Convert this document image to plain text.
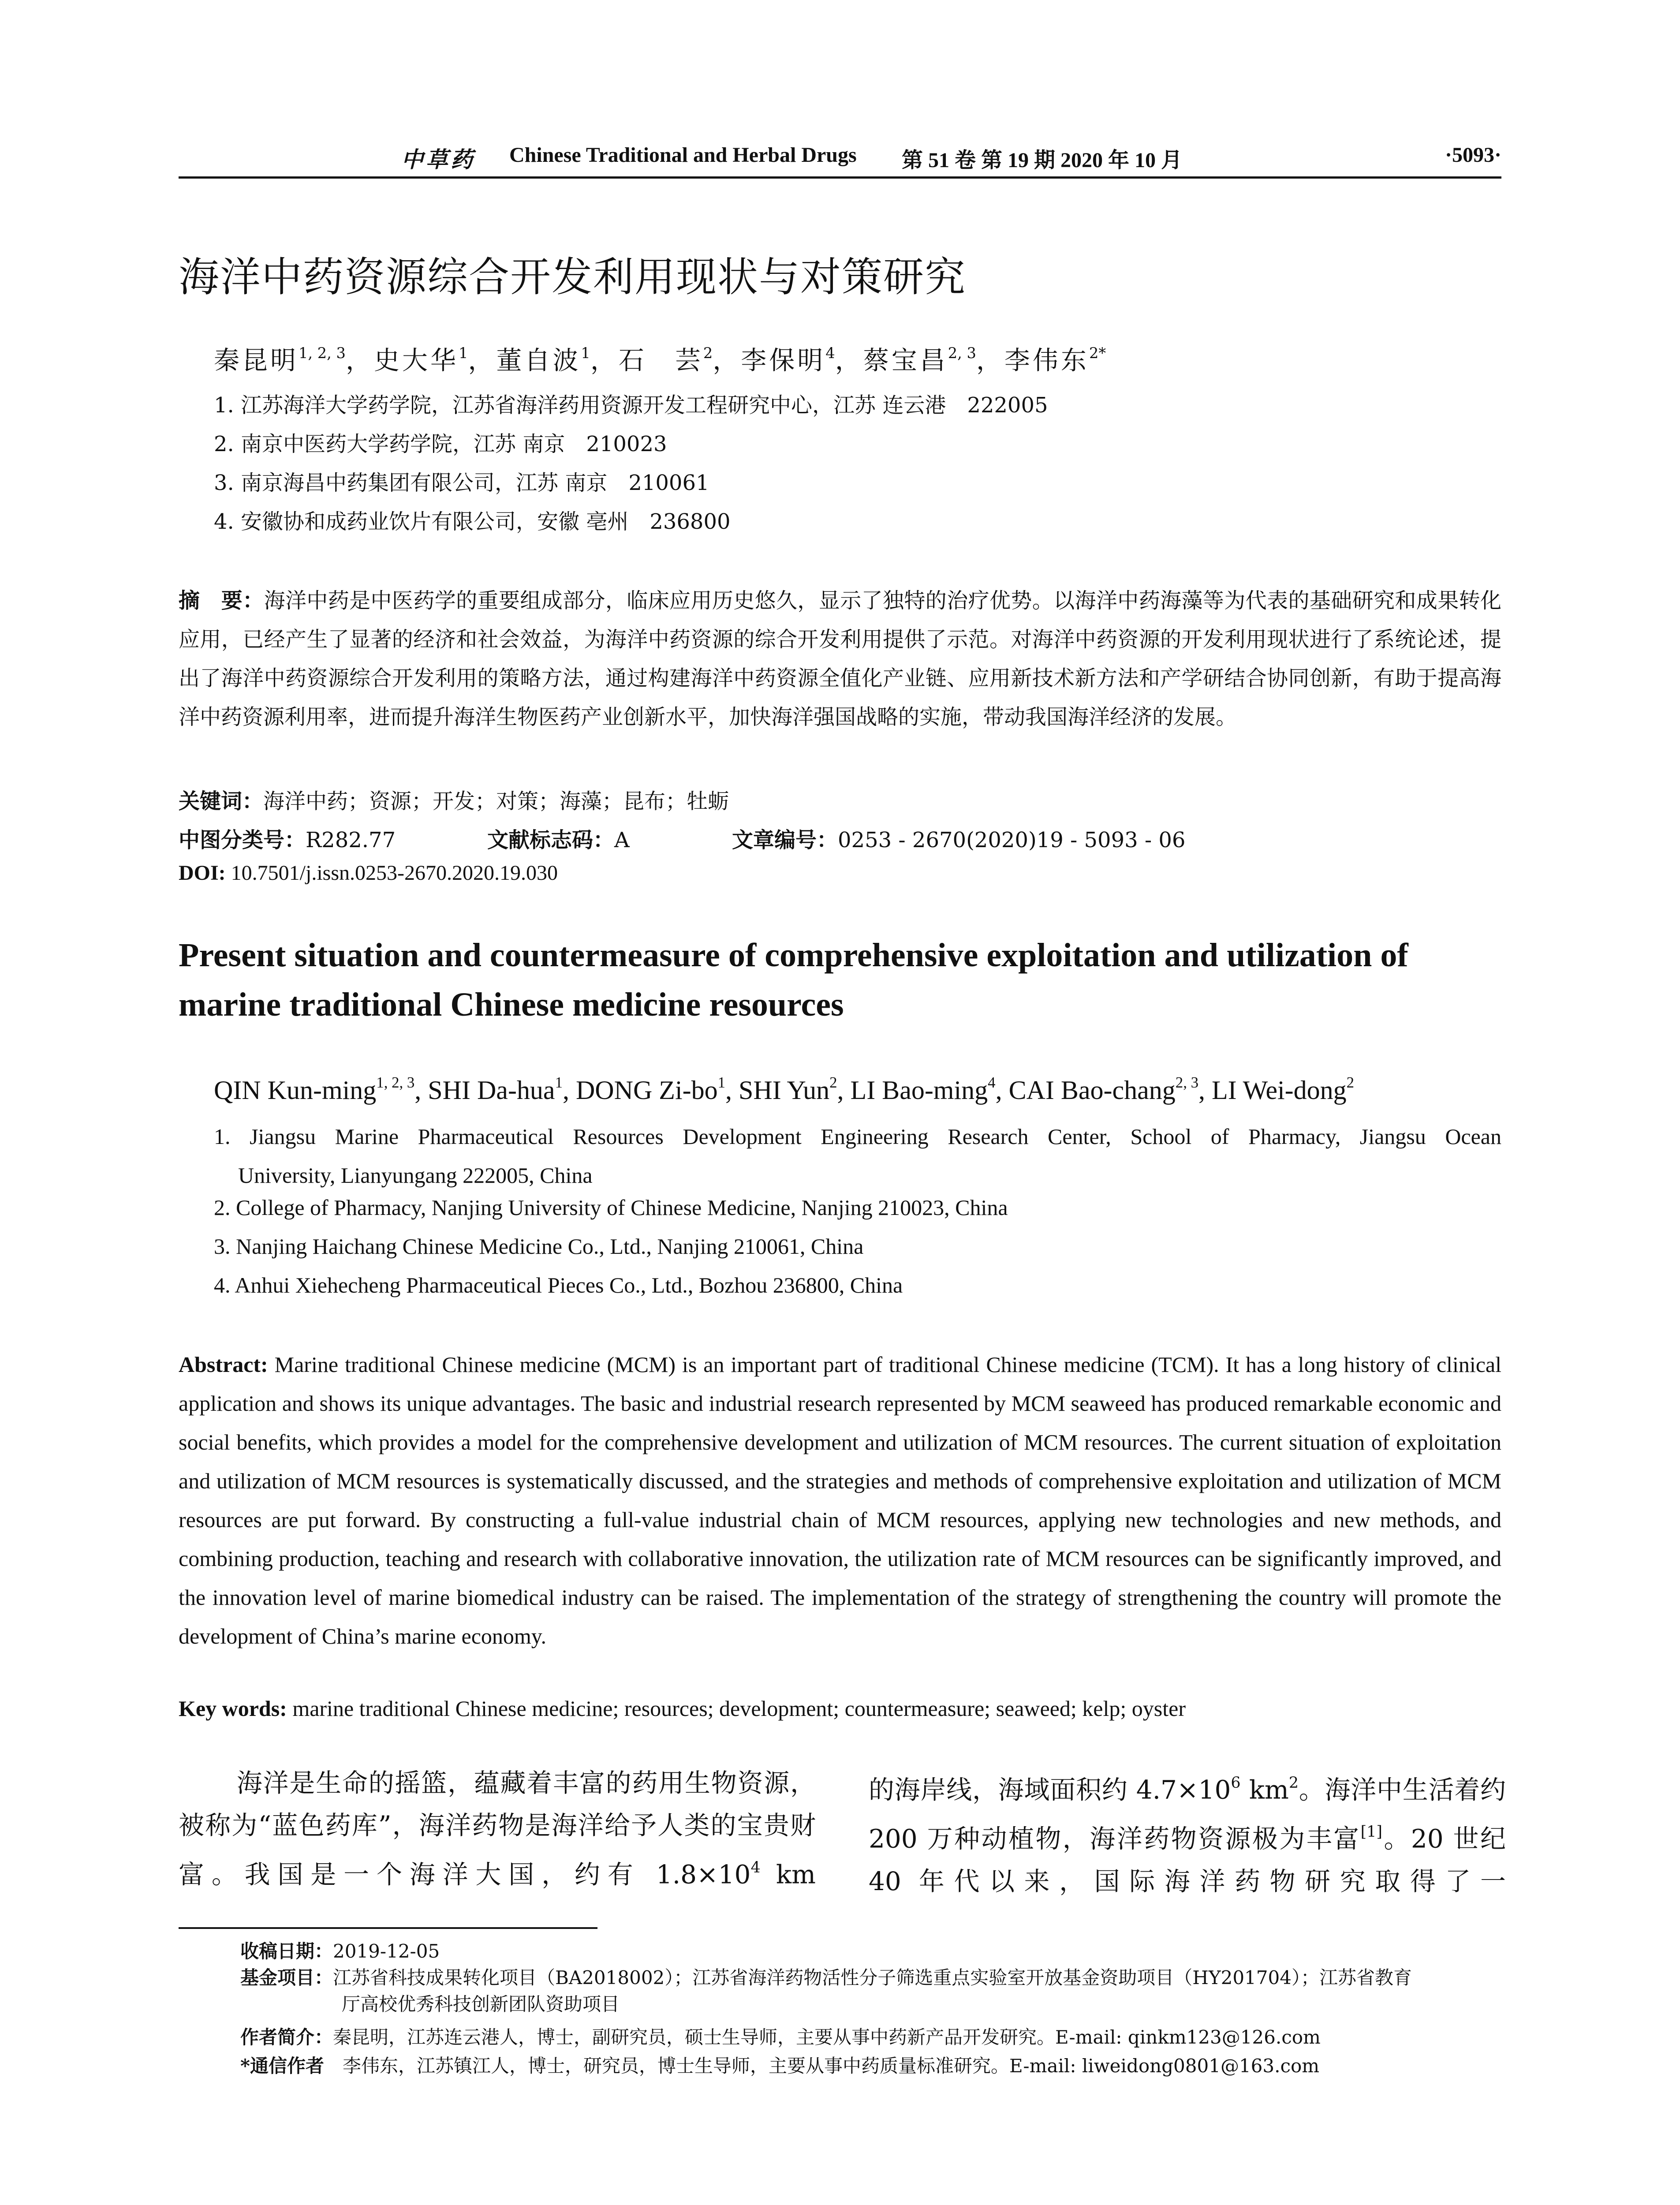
中草药 Chinese Traditional and Herbal Drugs 第 51 卷 第 19 期 2020 年 10 月	·5093·
海洋中药资源综合开发利用现状与对策研究
秦昆明$^{1, 2, 3}$，史大华$^1$，董自波$^1$，石　芸$^2$，李保明$^4$，蔡宝昌$^{2, 3}$，李伟东$^{2*}$
1. 江苏海洋大学药学院，江苏省海洋药用资源开发工程研究中心，江苏 连云港　222005
2. 南京中医药大学药学院，江苏 南京　210023
3. 南京海昌中药集团有限公司，江苏 南京　210061
4. 安徽协和成药业饮片有限公司，安徽 亳州　236800
摘　要：海洋中药是中医药学的重要组成部分，临床应用历史悠久，显示了独特的治疗优势。以海洋中药海藻等为代表的基础研究和成果转化应用，已经产生了显著的经济和社会效益，为海洋中药资源的综合开发利用提供了示范。对海洋中药资源的开发利用现状进行了系统论述，提出了海洋中药资源综合开发利用的策略方法，通过构建海洋中药资源全值化产业链、应用新技术新方法和产学研结合协同创新，有助于提高海洋中药资源利用率，进而提升海洋生物医药产业创新水平，加快海洋强国战略的实施，带动我国海洋经济的发展。
关键词：海洋中药；资源；开发；对策；海藻；昆布；牡蛎
中图分类号：R282.77	文献标志码：A	文章编号：0253 - 2670(2020)19 - 5093 - 06
DOI: 10.7501/j.issn.0253-2670.2020.19.030
Present situation and countermeasure of comprehensive exploitation and utilization of marine traditional Chinese medicine resources
QIN Kun-ming$^{1, 2, 3}$, SHI Da-hua$^1$, DONG $Zi-bo^1$, SHI Yun$^2$, LI Bao-ming$^4$, CAI Bao-chang$^{2, 3}$, LI Wei-dong$^2$
1. Jiangsu Marine Pharmaceutical Resources Development Engineering Research Center, School of Pharmacy, Jiangsu Ocean
University, Lianyungang 222005, China
2. College of Pharmacy, Nanjing University of Chinese Medicine, Nanjing 210023, China
3. Nanjing Haichang Chinese Medicine Co., Ltd., Nanjing 210061, China
4. Anhui Xiehecheng Pharmaceutical Pieces Co., Ltd., Bozhou 236800, China
Abstract: Marine traditional Chinese medicine (MCM) is an important part of traditional Chinese medicine (TCM). It has a long history of clinical application and shows its unique advantages. The basic and industrial research represented by MCM seaweed has produced remarkable economic and social benefits, which provides a model for the comprehensive development and utilization of MCM resources. The current situation of exploitation and utilization of MCM resources is systematically discussed, and the strategies and methods of comprehensive exploitation and utilization of MCM resources are put forward. By constructing a full-value industrial chain of MCM resources, applying new technologies and new methods, and combining production, teaching and research with collaborative innovation, the utilization rate of MCM resources can be significantly improved, and the innovation level of marine biomedical industry can be raised. The implementation of the strategy of strengthening the country will promote the development of China’s marine economy.
Key words: marine traditional Chinese medicine; resources; development; countermeasure; seaweed; kelp; oyster
海洋是生命的摇篮，蕴藏着丰富的药用生物资源，被称为“蓝色药库”，海洋药物是海洋给予人类的宝贵财富。我国是一个海洋大国，约有 $1.8\times 10^4$ km
的海岸线，海域面积约 $4.7\times 10^6$ $km^2$。海洋中生活着约 200 万种动植物，海洋药物资源极为丰富[1]。20 世纪 40 年代以来，国际海洋药物研究取得了一
收稿日期：2019-12-05
基金项目：江苏省科技成果转化项目（BA2018002）；江苏省海洋药物活性分子筛选重点实验室开放基金资助项目（HY201704）；江苏省教育
厅高校优秀科技创新团队资助项目
作者简介：秦昆明，江苏连云港人，博士，副研究员，硕士生导师，主要从事中药新产品开发研究。E-mail: qinkm123@126.com
*通信作者　 李伟东，江苏镇江人，博士，研究员，博士生导师，主要从事中药质量标准研究。E-mail: liweidong0801@163.com
